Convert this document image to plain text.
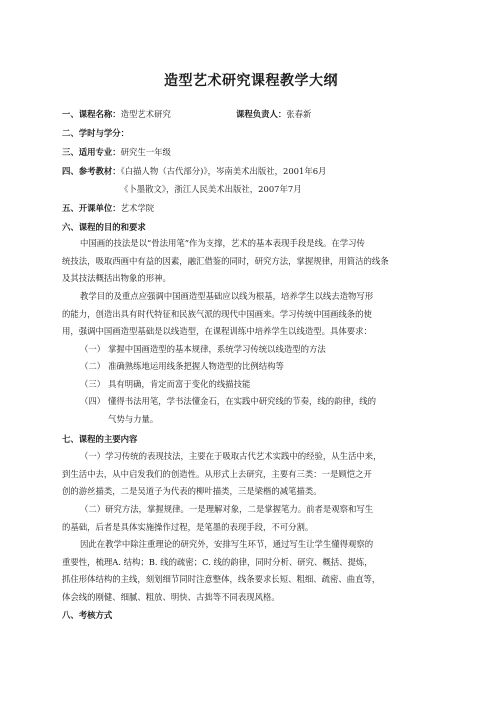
造型艺术研究课程教学大纲
一、课程名称：造型艺术研究	课程负责人：张春新
二、学时与学分：
三、适用专业：研究生一年级
四、参考教材：《白描人物（古代部分)》，岑南美术出版社，2001年6月
《卜墨散文》，浙江人民美术出版社，2007年7月
五、开课单位：艺术学院
六、课程的目的和要求
中国画的技法是以“骨法用笔”作为支撑，艺术的基本表现手段是线。在学习传
统技法，吸取西画中有益的因素，融汇借鉴的同时，研究方法，掌握规律，用简洁的线条
及其技法概括出物象的形神。
教学目的及重点应强调中国画造型基础应以线为根基，培养学生以线去造物写形
的能力，创造出具有时代特征和民族气派的现代中国画来。学习传统中国画线条的使
用，强调中国画造型基础是以线造型，在课程训练中培养学生以线造型。具体要求：
（一） 掌握中国画造型的基本规律，系统学习传统以线造型的方法
（二） 准确熟练地运用线条把握人物造型的比例结构等
（三） 具有明确，肯定而富于变化的线描技能
（四） 懂得书法用笔，学书法懂金石，在实践中研究线的节奏，线的韵律，线的
气势与力量。
七、课程的主要内容
（一）学习传统的表现技法，主要在于吸取古代艺术实践中的经验，从生活中来，
到生活中去，从中启发我们的创造性。从形式上去研究，主要有三类：一是顾恺之开
创的游丝描类，二是吴道子为代表的柳叶描类，三是梁楷的减笔描类。
（二）研究方法，掌握规律。一是理解对象，二是掌握笔力。前者是观察和写生
的基础，后者是具体实施操作过程，是笔墨的表现手段，不可分割。
因此在教学中除注重理论的研究外，安排写生环节，通过写生让学生懂得观察的
重要性，梳理A. 结构；B. 线的疏密；C. 线的韵律，同时分析、研究、概括、提炼，
抓住形体结构的主线，刻划细节同时注意整体，线条要求长短、粗细、疏密、曲直等，
体会线的刚健、细腻、粗放、明快、古拙等不同表现风格。
八、考核方式
